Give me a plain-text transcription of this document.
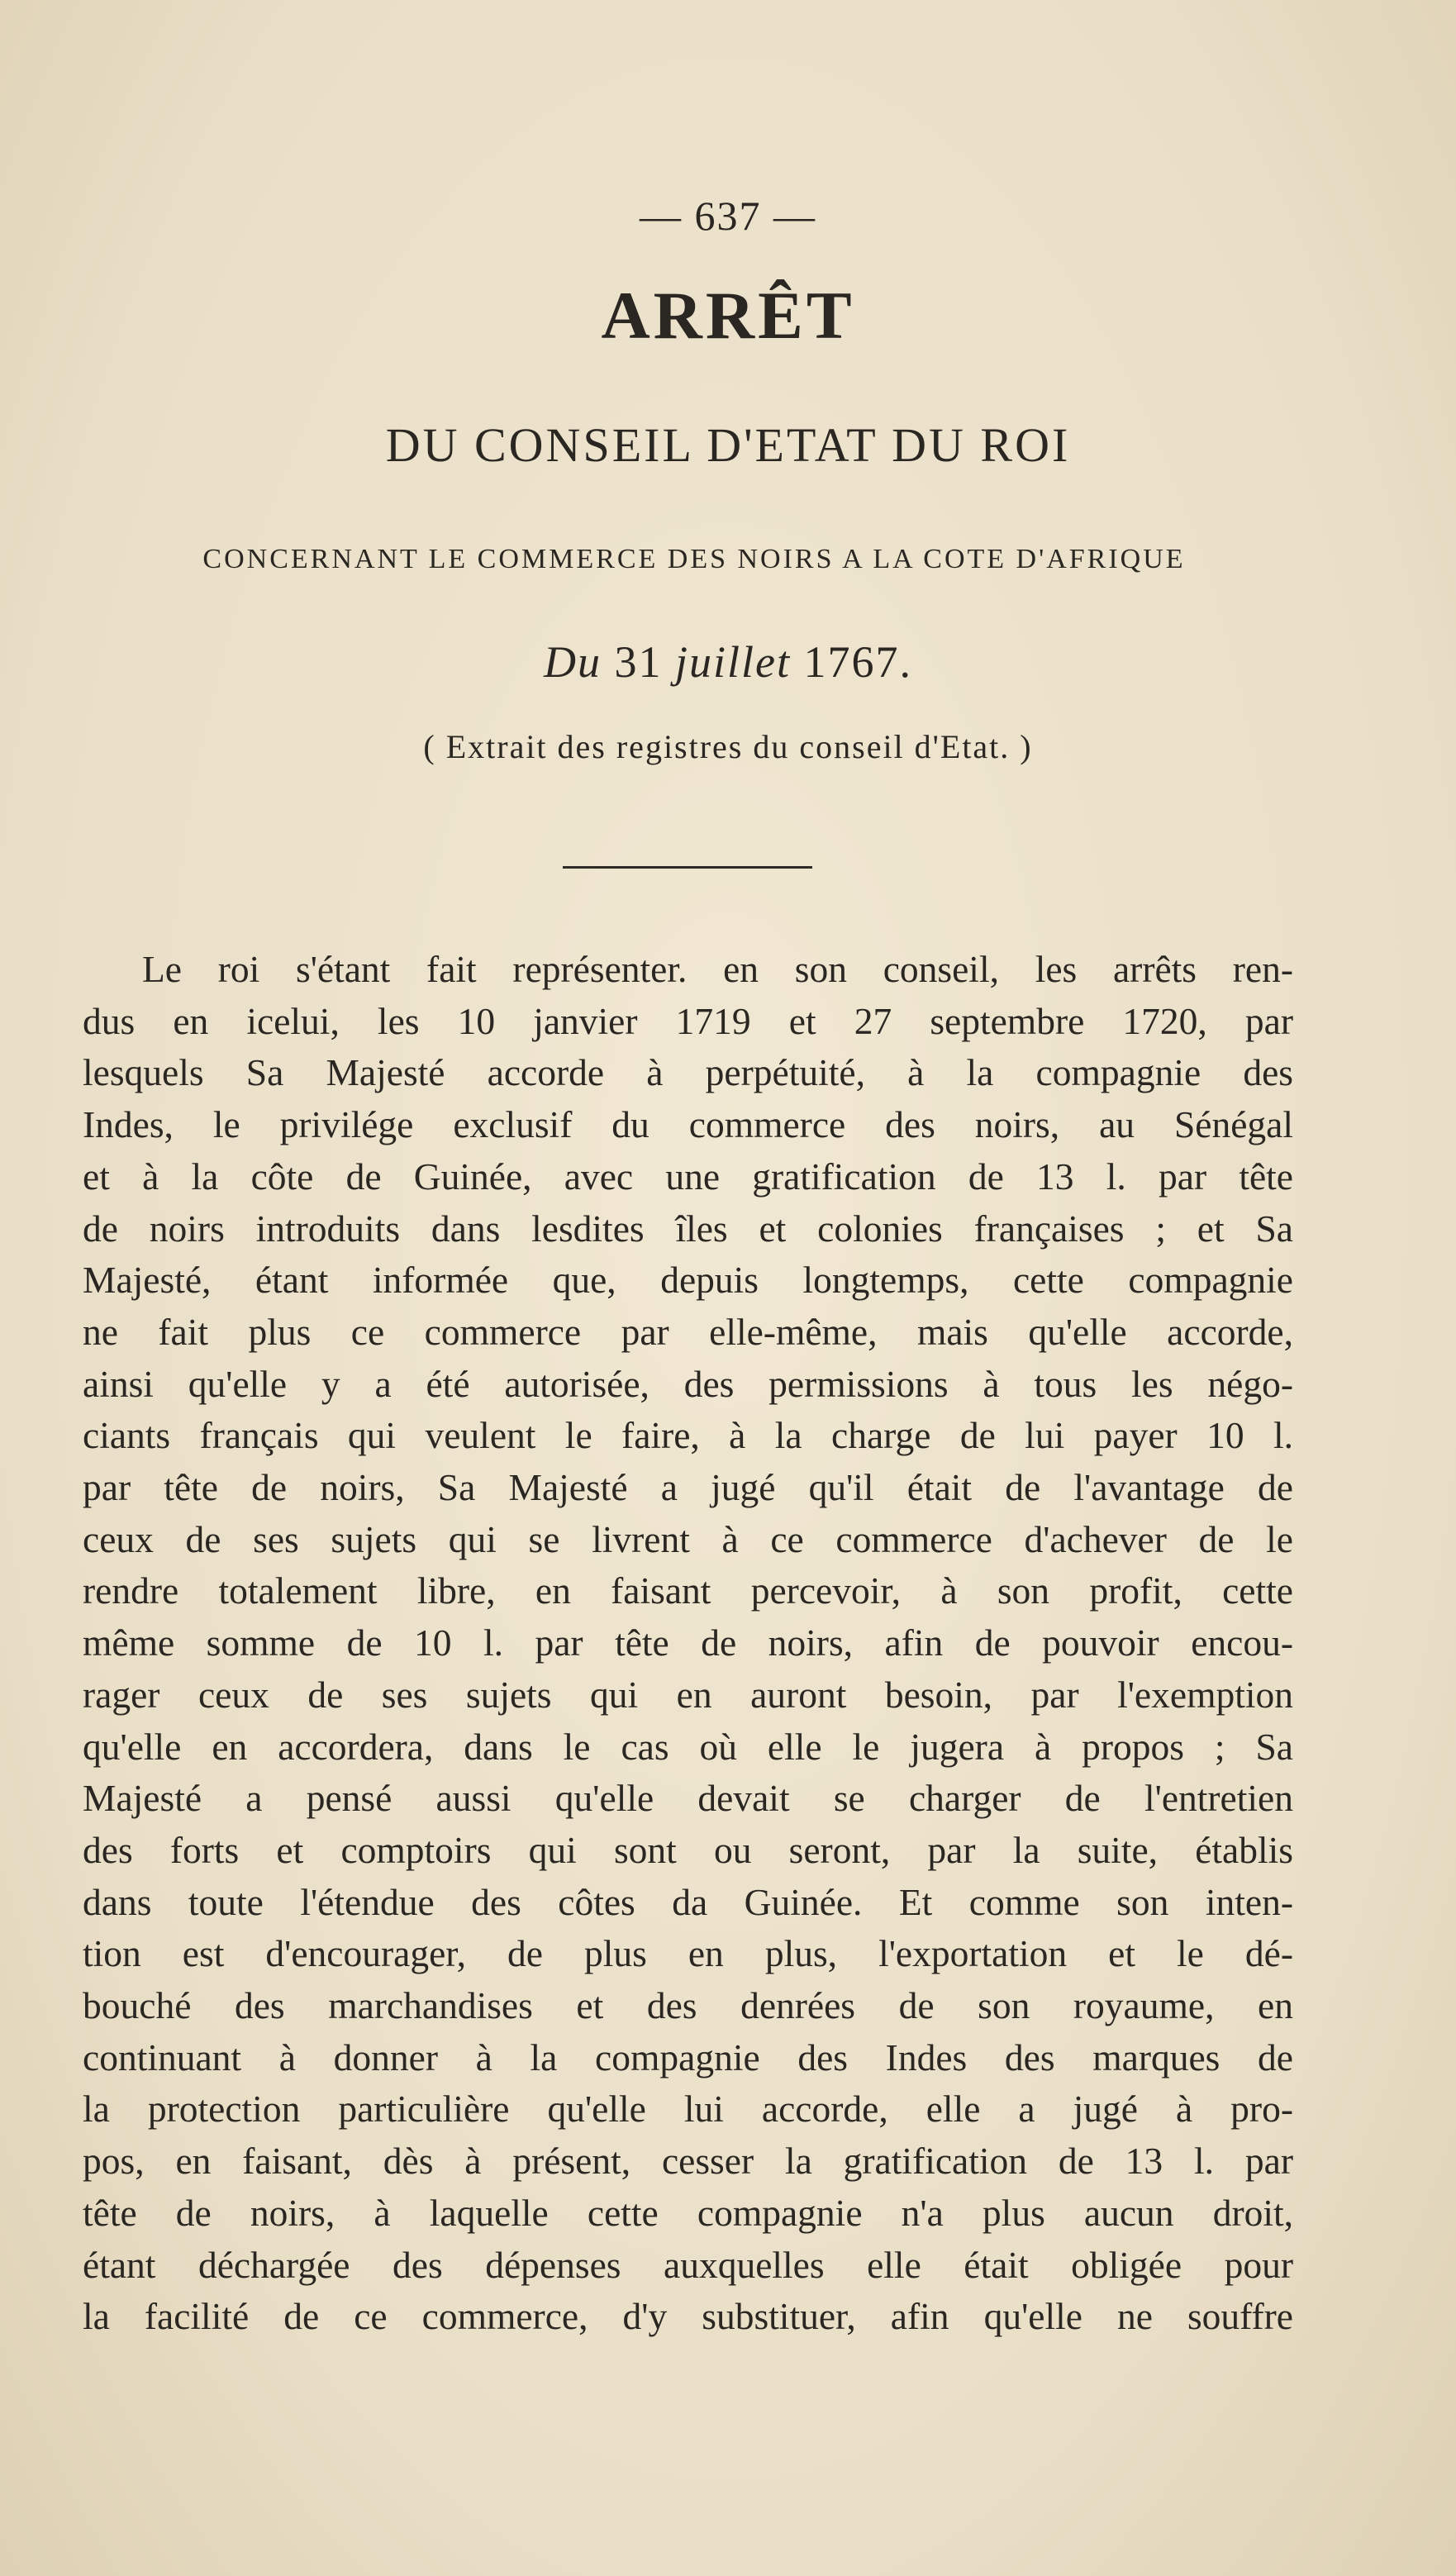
— 637 —
ARRÊT
DU CONSEIL D'ETAT DU ROI
CONCERNANT LE COMMERCE DES NOIRS A LA COTE D'AFRIQUE
Du 31 juillet 1767.
( Extrait des registres du conseil d'Etat. )
Le roi s'étant fait représenter. en son conseil, les arrêts ren-
dus en icelui, les 10 janvier 1719 et 27 septembre 1720, par
lesquels Sa Majesté accorde à perpétuité, à la compagnie des
Indes, le privilége exclusif du commerce des noirs, au Sénégal
et à la côte de Guinée, avec une gratification de 13 l. par tête
de noirs introduits dans lesdites îles et colonies françaises ; et Sa
Majesté, étant informée que, depuis longtemps, cette compagnie
ne fait plus ce commerce par elle-même, mais qu'elle accorde,
ainsi qu'elle y a été autorisée, des permissions à tous les négo-
ciants français qui veulent le faire, à la charge de lui payer 10 l.
par tête de noirs, Sa Majesté a jugé qu'il était de l'avantage de
ceux de ses sujets qui se livrent à ce commerce d'achever de le
rendre totalement libre, en faisant percevoir, à son profit, cette
même somme de 10 l. par tête de noirs, afin de pouvoir encou-
rager ceux de ses sujets qui en auront besoin, par l'exemption
qu'elle en accordera, dans le cas où elle le jugera à propos ; Sa
Majesté a pensé aussi qu'elle devait se charger de l'entretien
des forts et comptoirs qui sont ou seront, par la suite, établis
dans toute l'étendue des côtes da Guinée. Et comme son inten-
tion est d'encourager, de plus en plus, l'exportation et le dé-
bouché des marchandises et des denrées de son royaume, en
continuant à donner à la compagnie des Indes des marques de
la protection particulière qu'elle lui accorde, elle a jugé à pro-
pos, en faisant, dès à présent, cesser la gratification de 13 l. par
tête de noirs, à laquelle cette compagnie n'a plus aucun droit,
étant déchargée des dépenses auxquelles elle était obligée pour
la facilité de ce commerce, d'y substituer, afin qu'elle ne souffre
